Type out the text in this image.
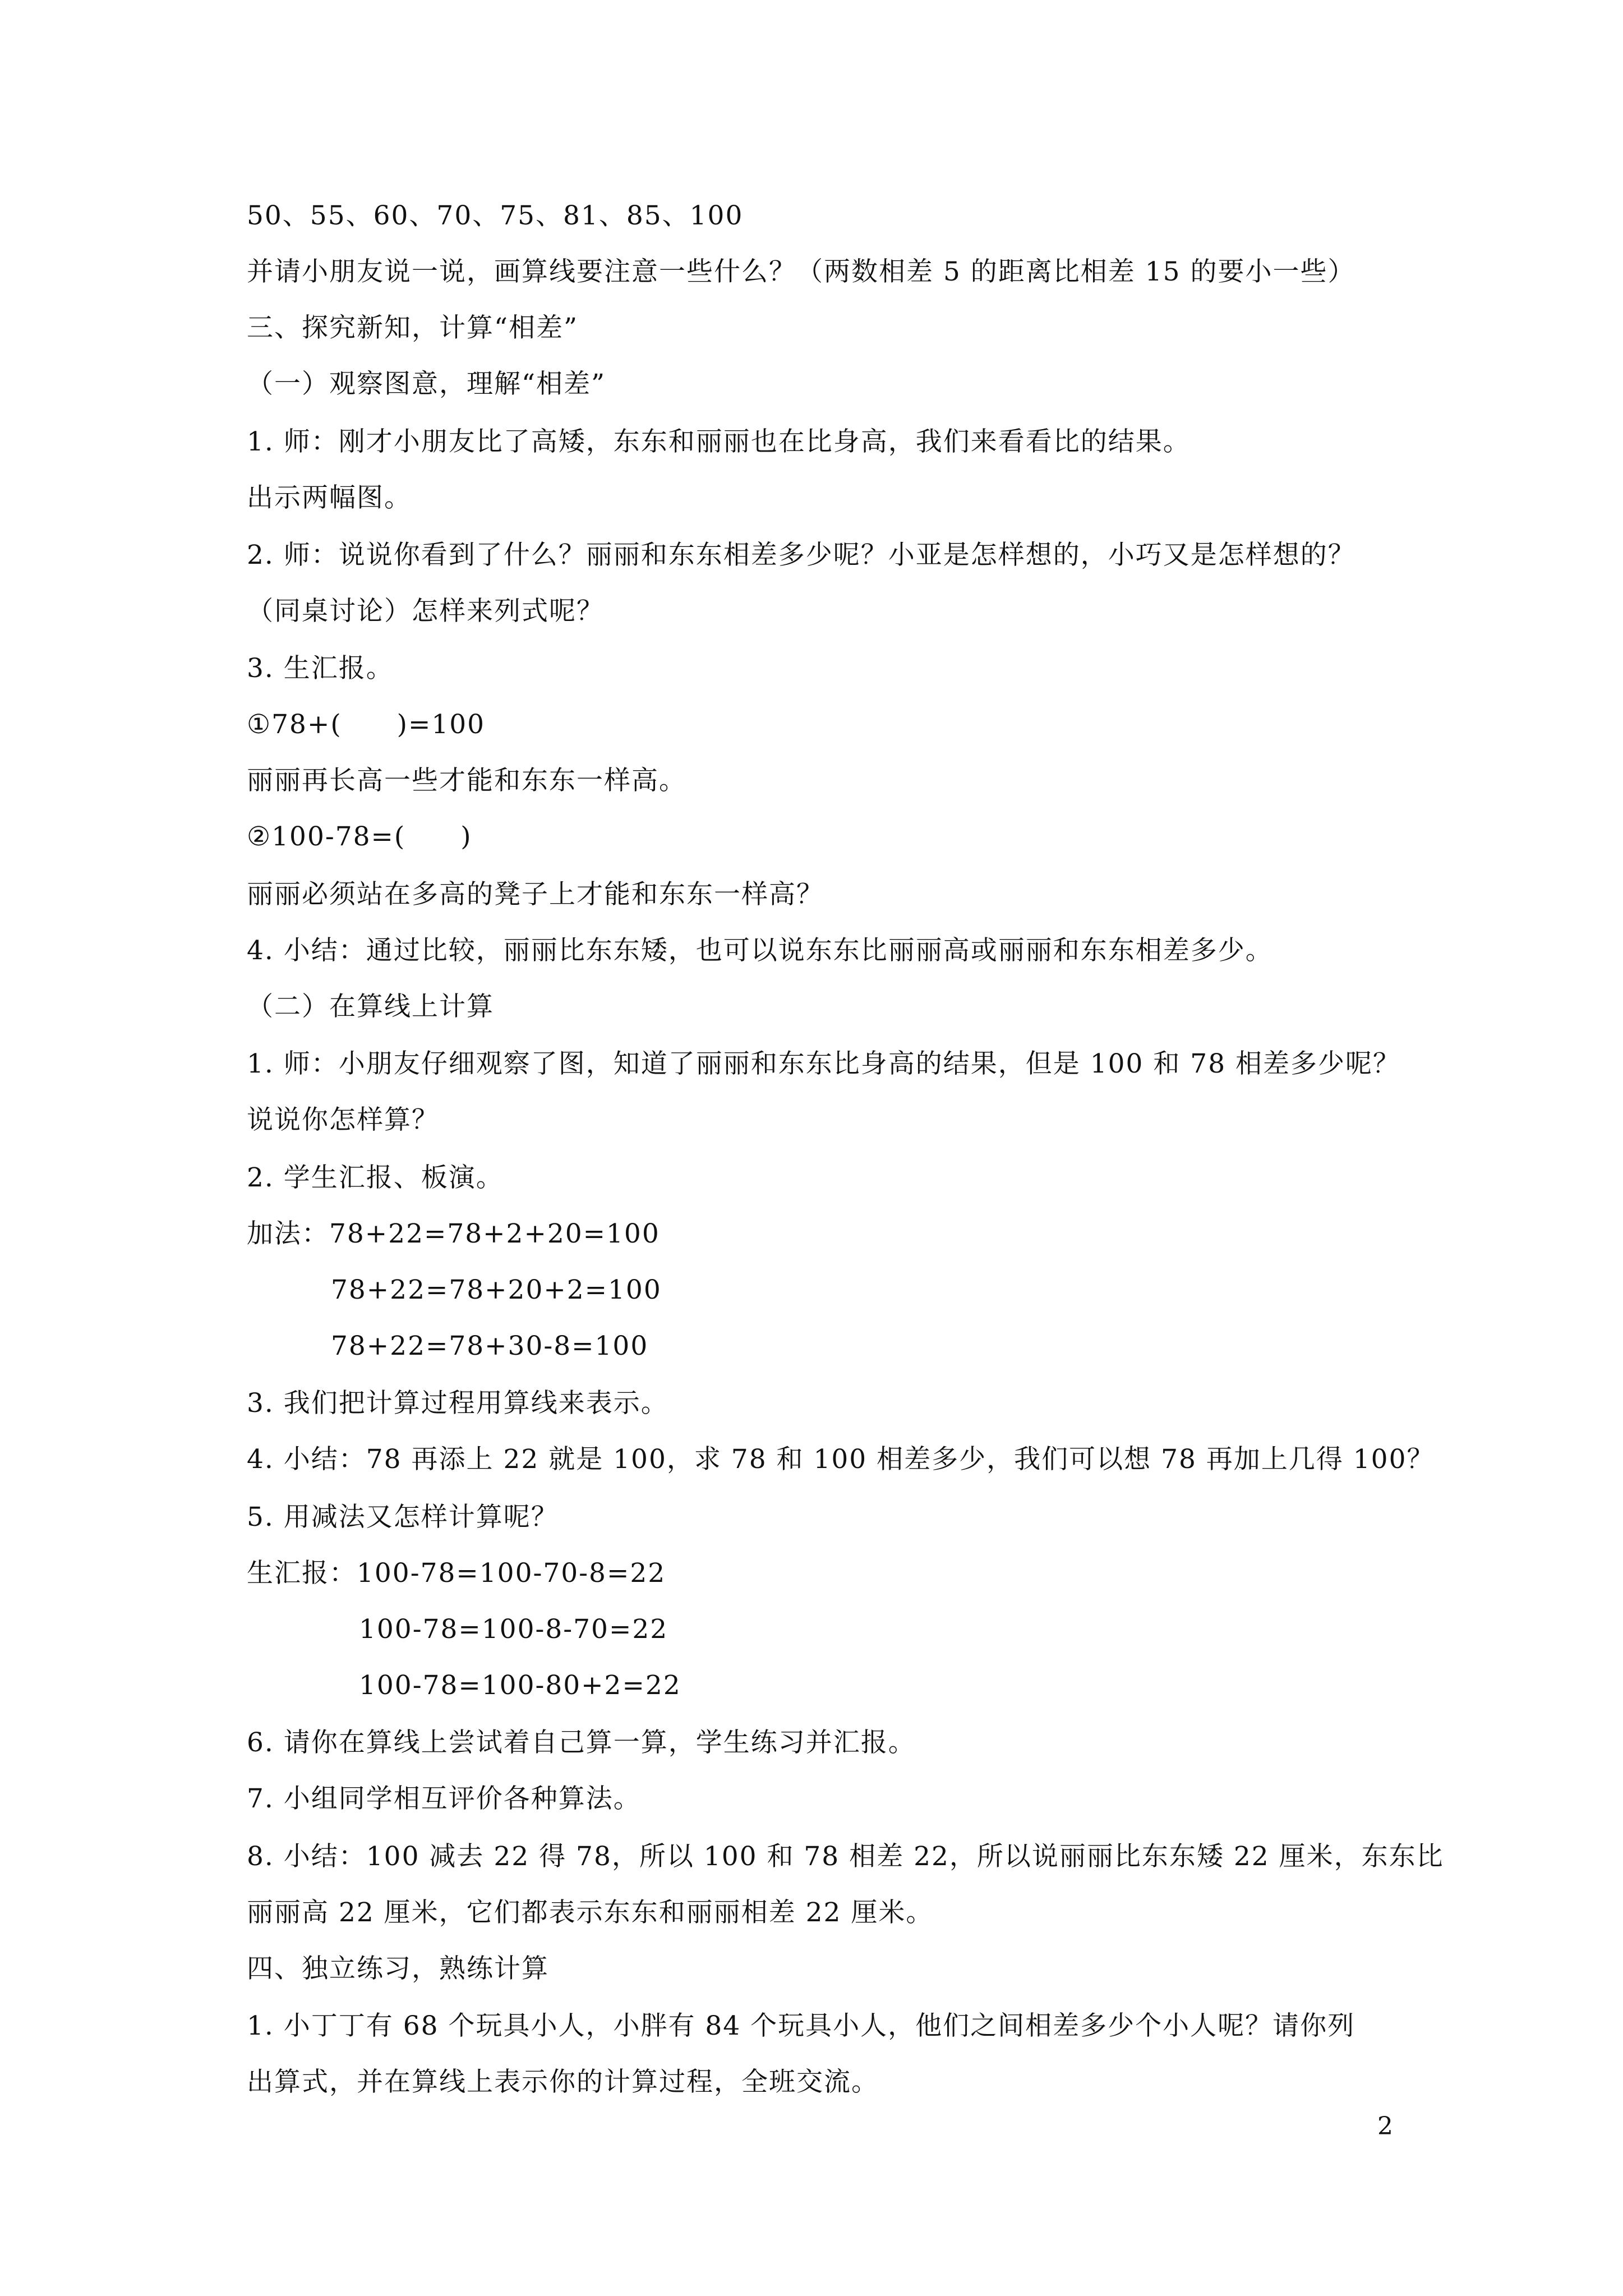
50、55、60、70、75、81、85、100
并请小朋友说一说，画算线要注意一些什么？（两数相差 5 的距离比相差 15 的要小一些）
三、探究新知，计算“相差”
（一）观察图意，理解“相差”
1. 师：刚才小朋友比了高矮，东东和丽丽也在比身高，我们来看看比的结果。
出示两幅图。
2. 师：说说你看到了什么？丽丽和东东相差多少呢？小亚是怎样想的，小巧又是怎样想的？
（同桌讨论）怎样来列式呢？
3. 生汇报。
①78+(　　)=100
丽丽再长高一些才能和东东一样高。
②100-78=(　　)
丽丽必须站在多高的凳子上才能和东东一样高？
4. 小结：通过比较，丽丽比东东矮，也可以说东东比丽丽高或丽丽和东东相差多少。
（二）在算线上计算
1. 师：小朋友仔细观察了图，知道了丽丽和东东比身高的结果，但是 100 和 78 相差多少呢？
说说你怎样算？
2. 学生汇报、板演。
加法：78+22=78+2+20=100
78+22=78+20+2=100
78+22=78+30-8=100
3. 我们把计算过程用算线来表示。
4. 小结：78 再添上 22 就是 100，求 78 和 100 相差多少，我们可以想 78 再加上几得 100？
5. 用减法又怎样计算呢？
生汇报：100-78=100-70-8=22
100-78=100-8-70=22
100-78=100-80+2=22
6. 请你在算线上尝试着自己算一算，学生练习并汇报。
7. 小组同学相互评价各种算法。
8. 小结：100 减去 22 得 78，所以 100 和 78 相差 22，所以说丽丽比东东矮 22 厘米，东东比
丽丽高 22 厘米，它们都表示东东和丽丽相差 22 厘米。
四、独立练习，熟练计算
1. 小丁丁有 68 个玩具小人，小胖有 84 个玩具小人，他们之间相差多少个小人呢？请你列
出算式，并在算线上表示你的计算过程，全班交流。
2
